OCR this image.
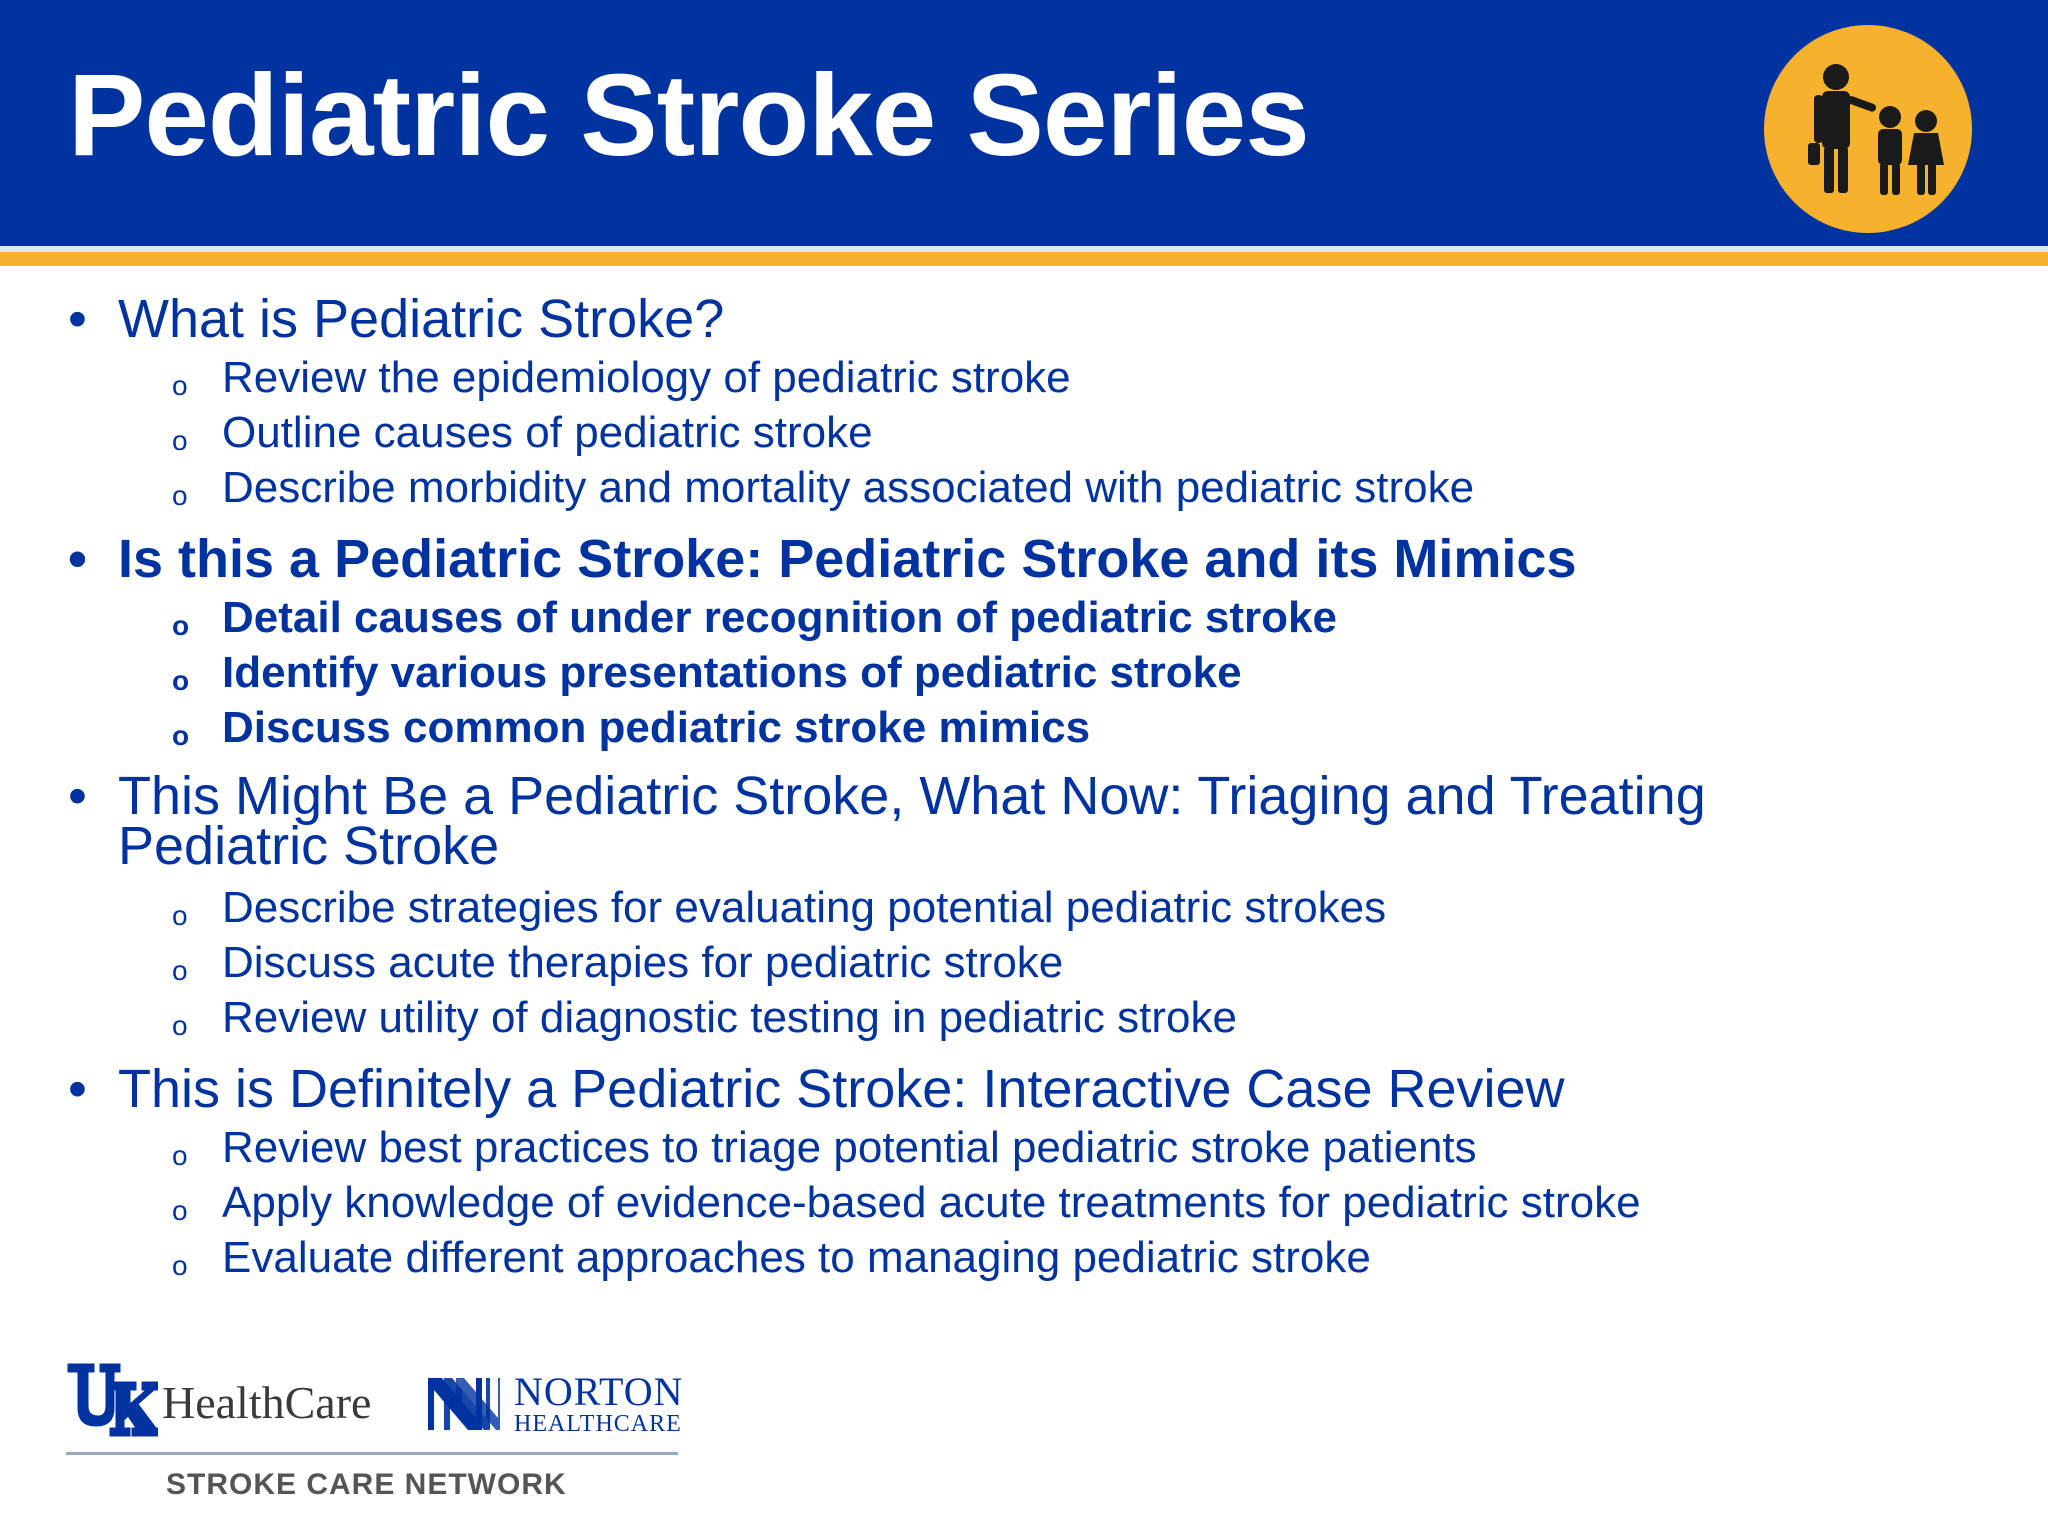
Pediatric Stroke Series
• What is Pediatric Stroke?
o Review the epidemiology of pediatric stroke
o Outline causes of pediatric stroke
o Describe morbidity and mortality associated with pediatric stroke
• Is this a Pediatric Stroke: Pediatric Stroke and its Mimics
o Detail causes of under recognition of pediatric stroke
o Identify various presentations of pediatric stroke
o Discuss common pediatric stroke mimics
• This Might Be a Pediatric Stroke, What Now: Triaging and Treating Pediatric Stroke
o Describe strategies for evaluating potential pediatric strokes
o Discuss acute therapies for pediatric stroke
o Review utility of diagnostic testing in pediatric stroke
• This is Definitely a Pediatric Stroke: Interactive Case Review
o Review best practices to triage potential pediatric stroke patients
o Apply knowledge of evidence-based acute treatments for pediatric stroke
o Evaluate different approaches to managing pediatric stroke
UK
HealthCare	NORTON
HEALTHCARE
STROKE CARE NETWORK
